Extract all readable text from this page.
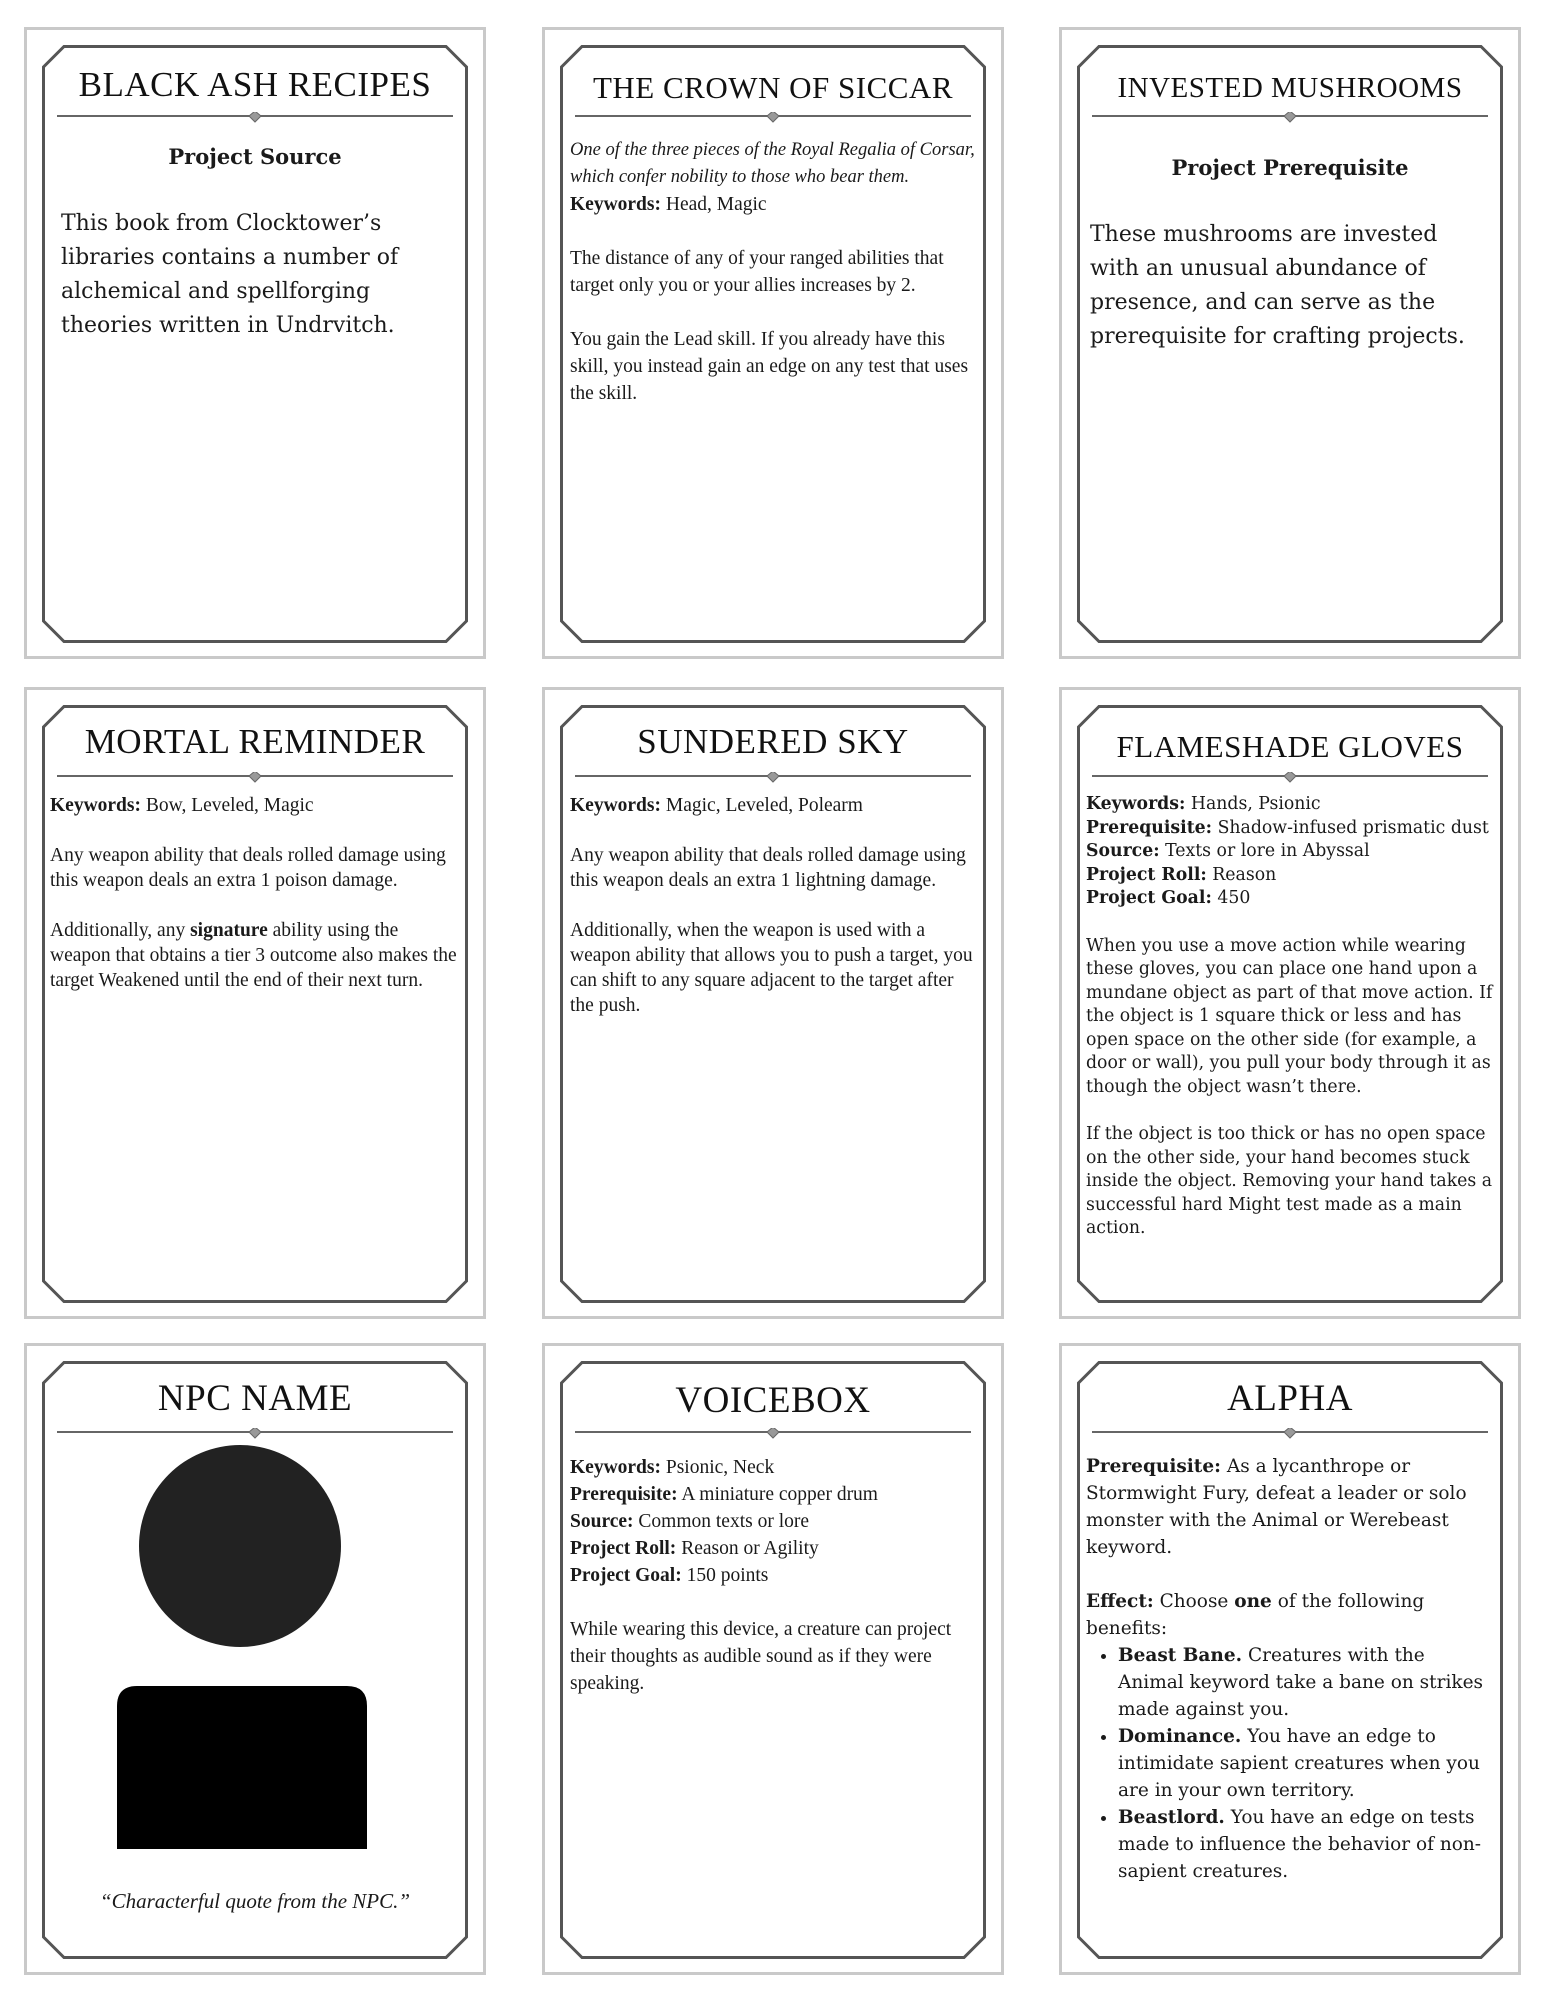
BLACK ASH RECIPES
Project Source
This book from Clocktower’s libraries contains a number of alchemical and spellforging theories written in Undrvitch.
THE CROWN OF SICCAR

One of the three pieces of the Royal Regalia of Corsar, which confer nobility to those who bear them.

Keywords: Head, Magic

The distance of any of your ranged abilities that target only you or your allies increases by 2.

You gain the Lead skill. If you already have this skill, you instead gain an edge on any test that uses the skill.

INVESTED MUSHROOMS
Project Prerequisite
These mushrooms are invested with an unusual abundance of presence, and can serve as the prerequisite for crafting projects.
MORTAL REMINDER

Keywords: Bow, Leveled, Magic

Any weapon ability that deals rolled damage using this weapon deals an extra 1 poison damage.

Additionally, any signature ability using the weapon that obtains a tier 3 outcome also makes the target Weakened until the end of their next turn.

SUNDERED SKY

Keywords: Magic, Leveled, Polearm

Any weapon ability that deals rolled damage using this weapon deals an extra 1 lightning damage.

Additionally, when the weapon is used with a weapon ability that allows you to push a target, you can shift to any square adjacent to the target after the push.

FLAMESHADE GLOVES

Keywords: Hands, Psionic

Prerequisite: Shadow-infused prismatic dust

Source: Texts or lore in Abyssal

Project Roll: Reason

Project Goal: 450

When you use a move action while wearing these gloves, you can place one hand upon a mundane object as part of that move action. If the object is 1 square thick or less and has open space on the other side (for example, a door or wall), you pull your body through it as though the object wasn’t there.

If the object is too thick or has no open space on the other side, your hand becomes stuck inside the object. Removing your hand takes a successful hard Might test made as a main action.

NPC NAME
“Characterful quote from the NPC.”
VOICEBOX

Keywords: Psionic, Neck

Prerequisite: A miniature copper drum

Source: Common texts or lore

Project Roll: Reason or Agility

Project Goal: 150 points

While wearing this device, a creature can project their thoughts as audible sound as if they were speaking.

ALPHA

Prerequisite: As a lycanthrope or Stormwight Fury, defeat a leader or solo monster with the Animal or Werebeast keyword.

Effect: Choose one of the following benefits:

• Beast Bane. Creatures with the Animal keyword take a bane on strikes made against you.
• Dominance. You have an edge to intimidate sapient creatures when you are in your own territory.
• Beastlord. You have an edge on tests made to influence the behavior of non-sapient creatures.
